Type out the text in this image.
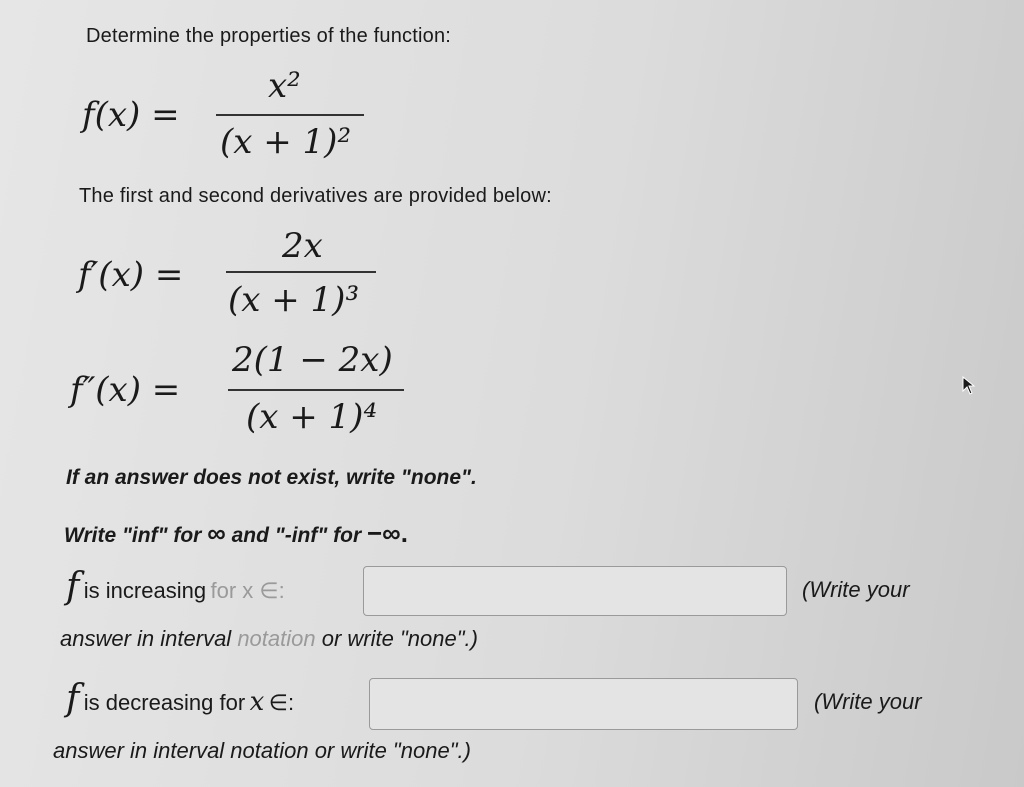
Determine the properties of the function:
f(x) =
x²
(x + 1)²
The first and second derivatives are provided below:
f′(x) =
2x
(x + 1)³
f″(x) =
2(1 − 2x)
(x + 1)⁴
If an answer does not exist, write "none".
Write "inf" for ∞ and "-inf" for −∞.
f is increasing for x ∈:	(Write your
answer in interval notation or write "none".)
f is decreasing for x ∈:	(Write your
answer in interval notation or write "none".)
